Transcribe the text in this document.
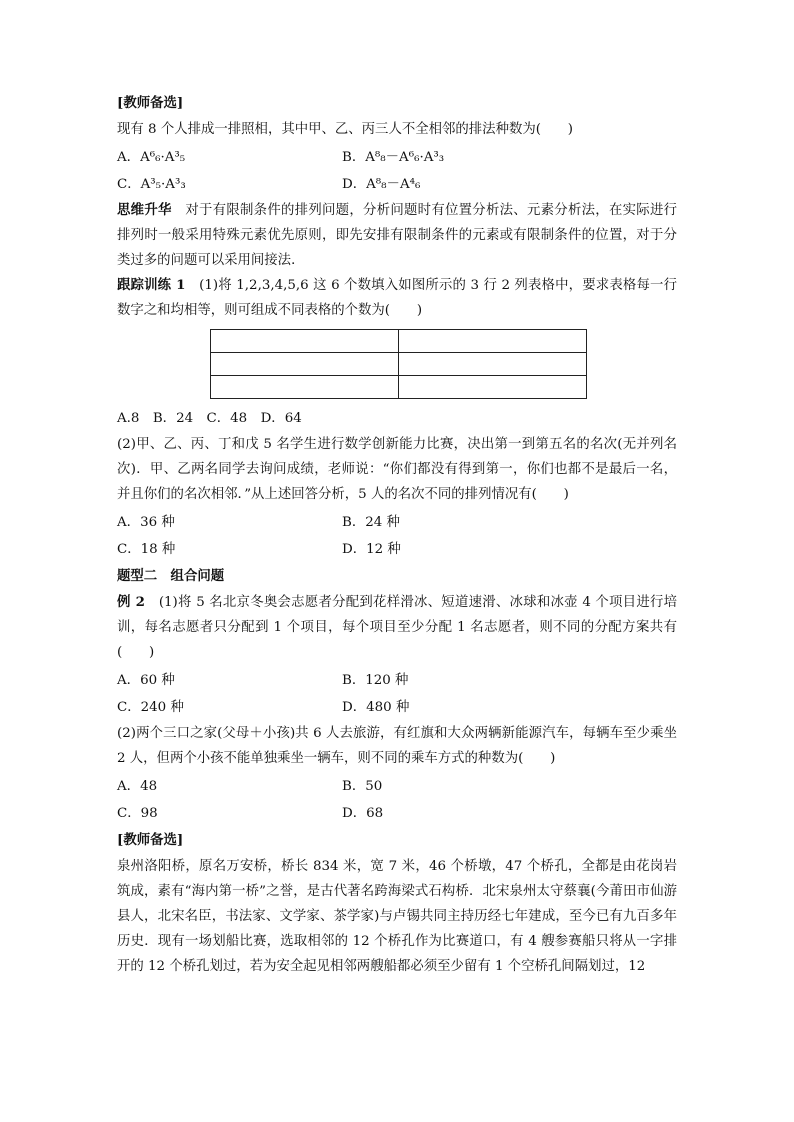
[教师备选]

现有 8 个人排成一排照相，其中甲、乙、丙三人不全相邻的排法种数为(　　)

A．A⁶₆·A³₅	B．A⁸₈－A⁶₆·A³₃
C．A³₅·A³₃	D．A⁸₈－A⁴₆

思维升华　 对于有限制条件的排列问题，分析问题时有位置分析法、元素分析法，在实际进行排列时一般采用特殊元素优先原则，即先安排有限制条件的元素或有限制条件的位置，对于分类过多的问题可以采用间接法．

跟踪训练 1　 (1)将 1,2,3,4,5,6 这 6 个数填入如图所示的 3 行 2 列表格中，要求表格每一行数字之和均相等，则可组成不同表格的个数为(　　)

A.8　B．24　C．48　D．64

(2)甲、乙、丙、丁和戊 5 名学生进行数学创新能力比赛，决出第一到第五名的名次(无并列名次)．甲、乙两名同学去询问成绩，老师说：“你们都没有得到第一，你们也都不是最后一名，并且你们的名次相邻．”从上述回答分析，5 人的名次不同的排列情况有(　　)

A．36 种	B．24 种
C．18 种	D．12 种
题型二　组合问题

例 2　 (1)将 5 名北京冬奥会志愿者分配到花样滑冰、短道速滑、冰球和冰壶 4 个项目进行培训，每名志愿者只分配到 1 个项目，每个项目至少分配 1 名志愿者，则不同的分配方案共有(　　)

A．60 种	B．120 种
C．240 种	D．480 种

(2)两个三口之家(父母＋小孩)共 6 人去旅游，有红旗和大众两辆新能源汽车，每辆车至少乘坐 2 人，但两个小孩不能单独乘坐一辆车，则不同的乘车方式的种数为(　　)

A．48	B．50
C．98	D．68
[教师备选]

泉州洛阳桥，原名万安桥，桥长 834 米，宽 7 米，46 个桥墩，47 个桥孔，全都是由花岗岩筑成，素有“海内第一桥”之誉，是古代著名跨海梁式石构桥．北宋泉州太守蔡襄(今莆田市仙游县人，北宋名臣，书法家、文学家、茶学家)与卢锡共同主持历经七年建成，至今已有九百多年历史．现有一场划船比赛，选取相邻的 12 个桥孔作为比赛道口，有 4 艘参赛船只将从一字排开的 12 个桥孔划过，若为安全起见相邻两艘船都必须至少留有 1 个空桥孔间隔划过，12
